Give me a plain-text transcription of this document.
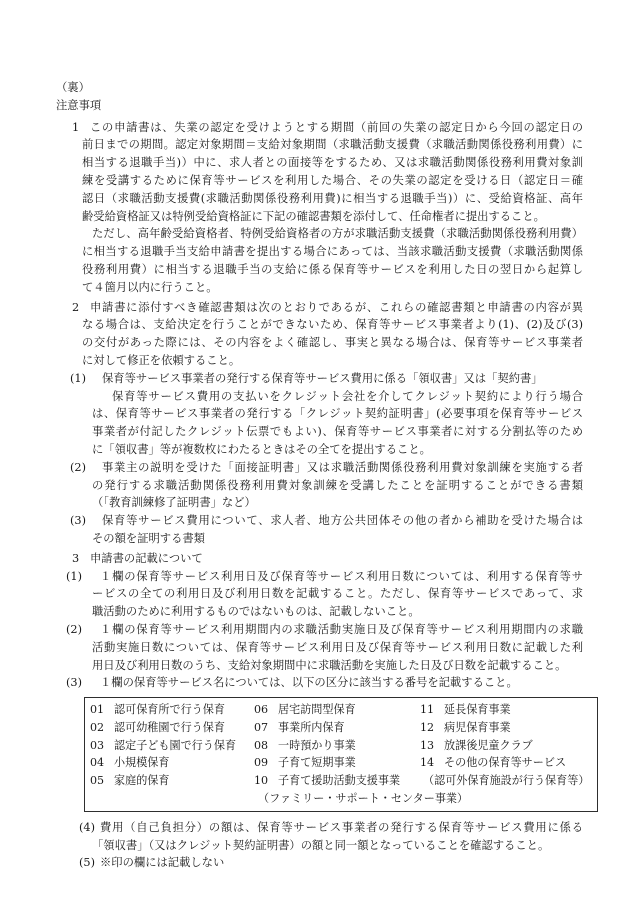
（裏）
注意事項
1 この申請書は、失業の認定を受けようとする期間（前回の失業の認定日から今回の認定日の
前日までの期間。認定対象期間＝支給対象期間（求職活動支援費（求職活動関係役務利用費）に
相当する退職手当)）中に、求人者との面接等をするため、又は求職活動関係役務利用費対象訓
練を受講するために保育等サービスを利用した場合、その失業の認定を受ける日（認定日＝確
認日（求職活動支援費(求職活動関係役務利用費)に相当する退職手当)）に、受給資格証、高年
齢受給資格証又は特例受給資格証に下記の確認書類を添付して、任命権者に提出すること。
ただし、高年齢受給資格者、特例受給資格者の方が求職活動支援費（求職活動関係役務利用費）
に相当する退職手当支給申請書を提出する場合にあっては、当該求職活動支援費（求職活動関係
役務利用費）に相当する退職手当の支給に係る保育等サービスを利用した日の翌日から起算し
て４箇月以内に行うこと。
2 申請書に添付すべき確認書類は次のとおりであるが、これらの確認書類と申請書の内容が異
なる場合は、支給決定を行うことができないため、保育等サービス事業者より(1)、(2)及び(3)
の交付があった際には、その内容をよく確認し、事実と異なる場合は、保育等サービス事業者
に対して修正を依頼すること。
(1) 保育等サービス事業者の発行する保育等サービス費用に係る「領収書」又は「契約書」
保育等サービス費用の支払いをクレジット会社を介してクレジット契約により行う場合
は、保育等サービス事業者の発行する「クレジット契約証明書」(必要事項を保育等サービス
事業者が付記したクレジット伝票でもよい)、保育等サービス事業者に対する分割払等のため
に「領収書」等が複数枚にわたるときはその全てを提出すること。
(2) 事業主の説明を受けた「面接証明書」又は求職活動関係役務利用費対象訓練を実施する者
の発行する求職活動関係役務利用費対象訓練を受講したことを証明することができる書類
（「教育訓練修了証明書」など）
(3) 保育等サービス費用について、求人者、地方公共団体その他の者から補助を受けた場合は
その額を証明する書類
3 申請書の記載について
(1) １欄の保育等サービス利用日及び保育等サービス利用日数については、利用する保育等サ
ービスの全ての利用日及び利用日数を記載すること。ただし、保育等サービスであって、求
職活動のために利用するものではないものは、記載しないこと。
(2) １欄の保育等サービス利用期間内の求職活動実施日及び保育等サービス利用期間内の求職
活動実施日数については、保育等サービス利用日及び保育等サービス利用日数に記載した利
用日及び利用日数のうち、支給対象期間中に求職活動を実施した日及び日数を記載すること。
(3) １欄の保育等サービス名については、以下の区分に該当する番号を記載すること。
01 認可保育所で行う保育	06 居宅訪問型保育	11 延長保育事業
02 認可幼稚園で行う保育	07 事業所内保育	12 病児保育事業
03 認定子ども園で行う保育 08 一時預かり事業	13 放課後児童クラブ
04 小規模保育	09 子育て短期事業	14 その他の保育等サービス
05 家庭的保育	10 子育て援助活動支援事業 （認可外保育施設が行う保育等）
（ファミリー・サポート・センター事業）
(4) 費用（自己負担分）の額は、保育等サービス事業者の発行する保育等サービス費用に係る
「領収書」（又はクレジット契約証明書）の額と同一額となっていることを確認すること。
(5) ※印の欄には記載しない
